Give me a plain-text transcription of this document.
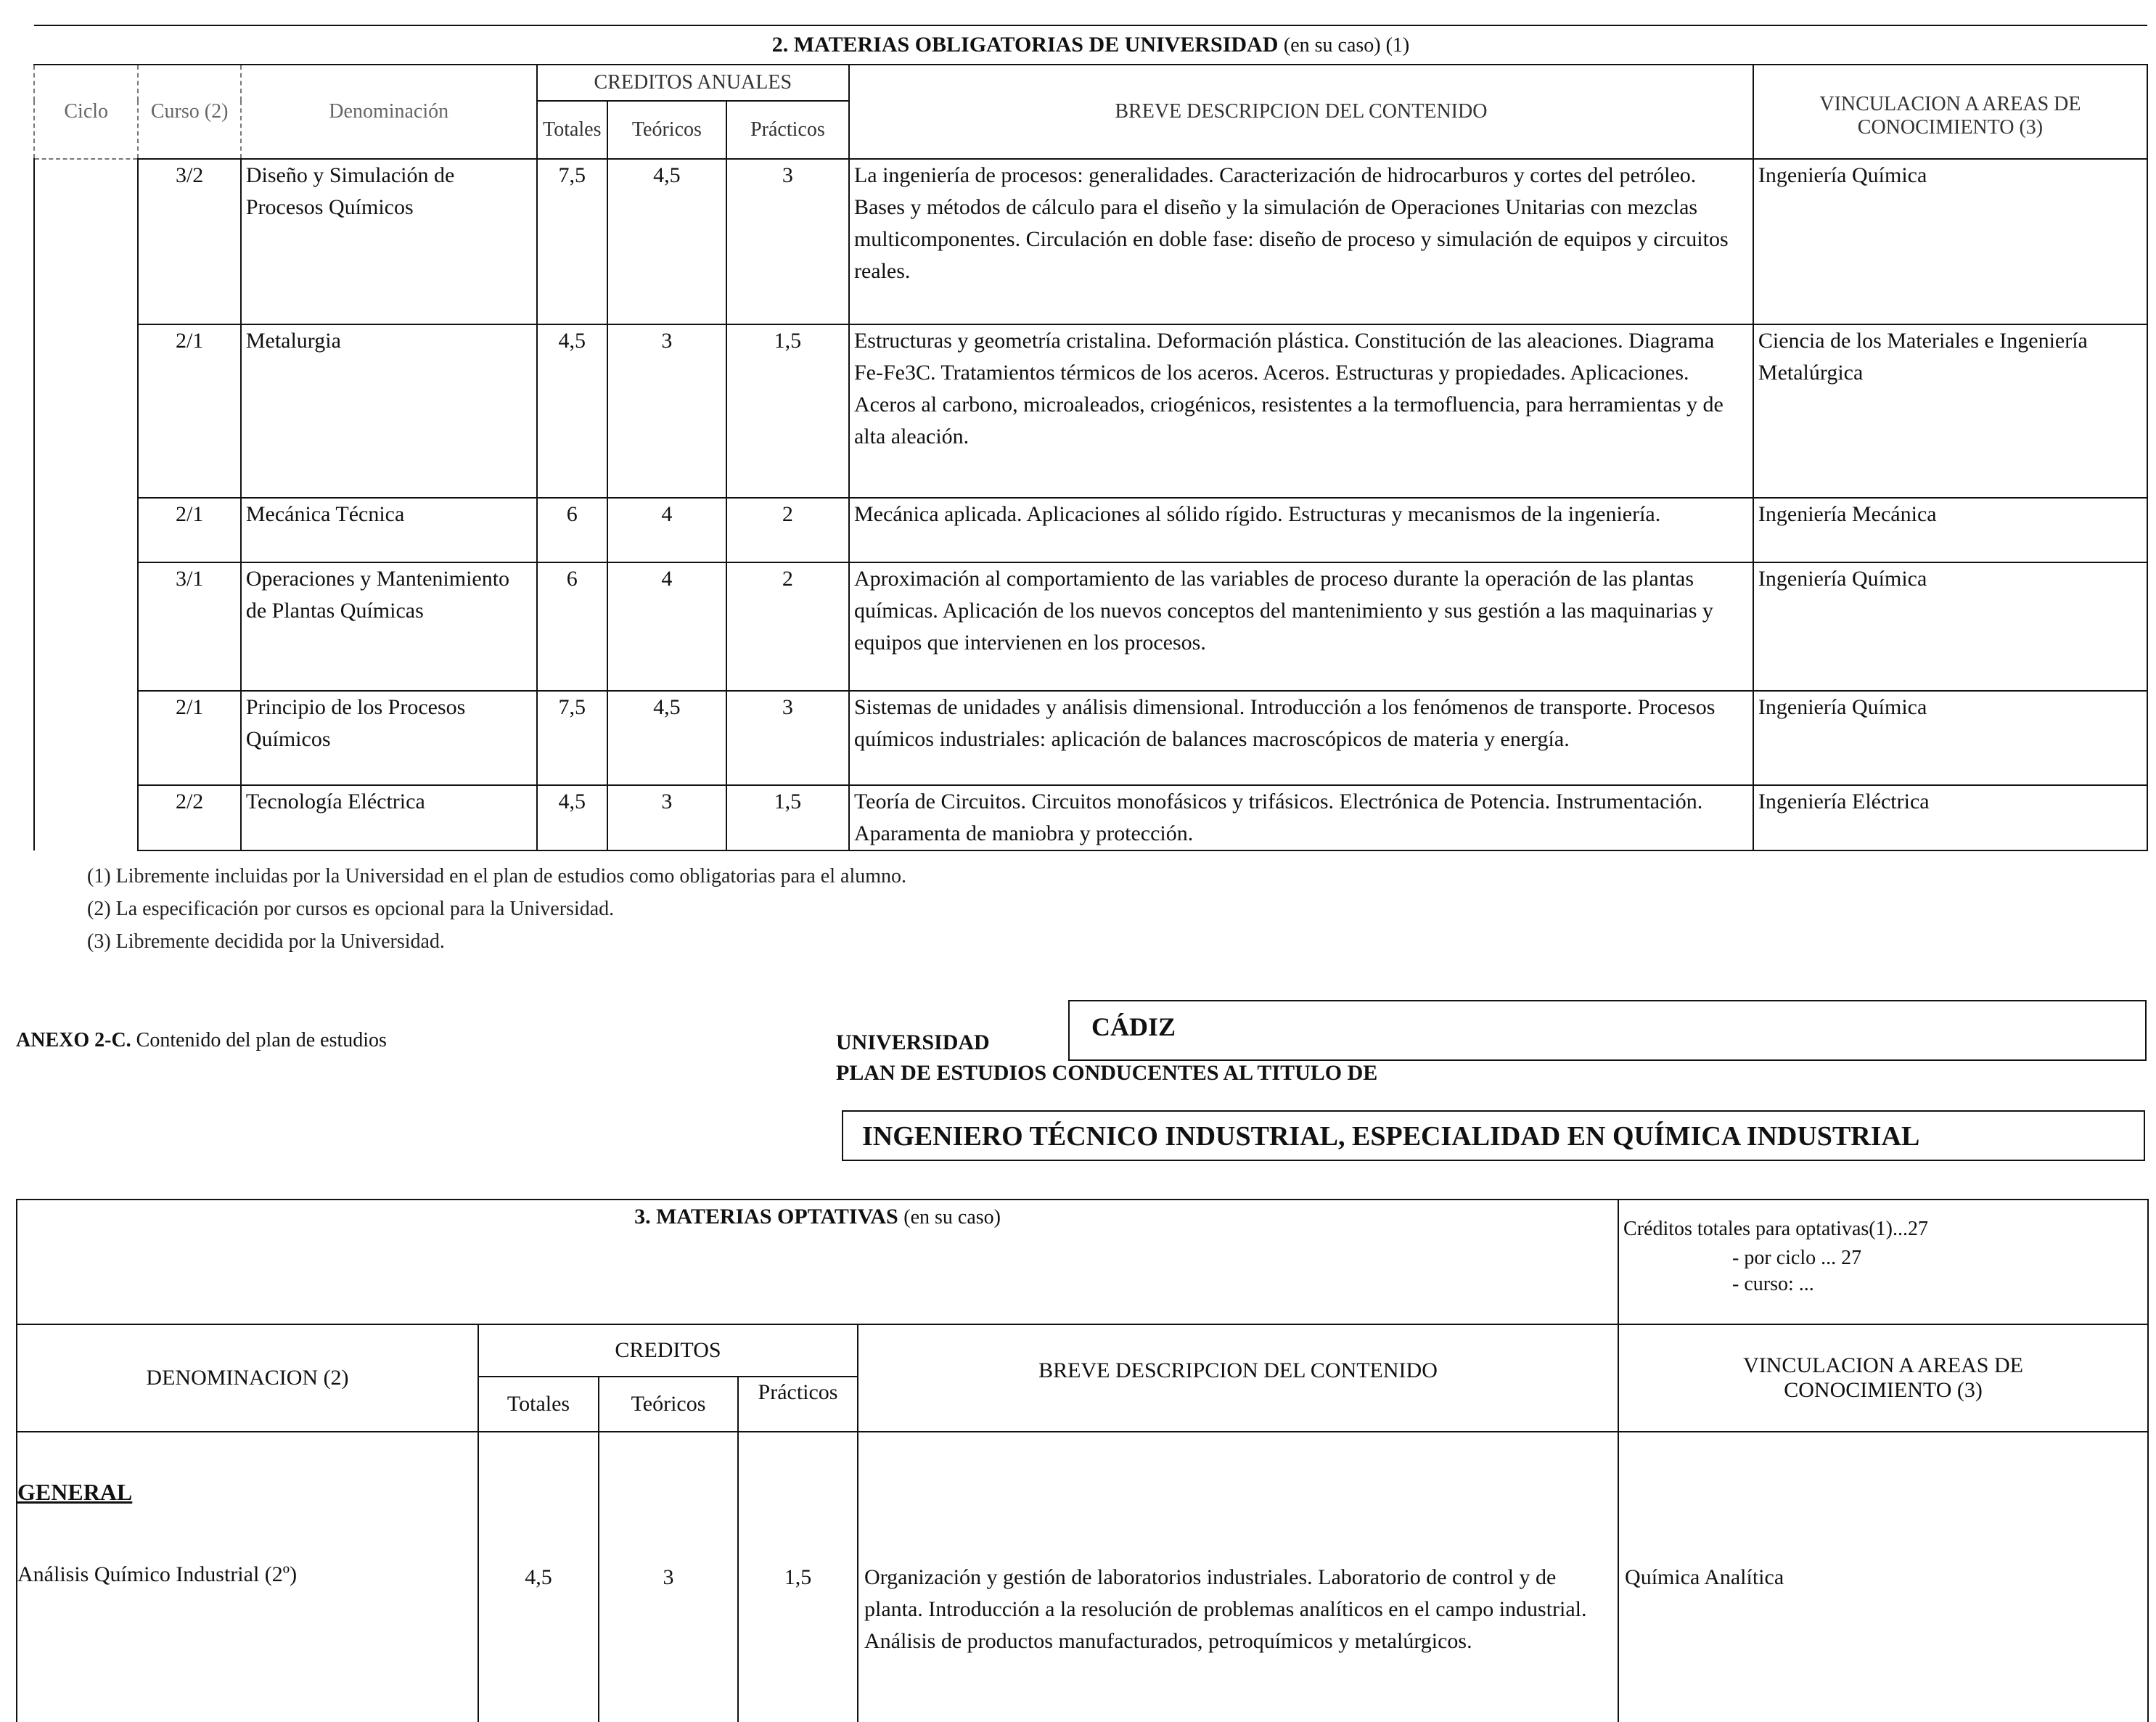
2. MATERIAS OBLIGATORIAS DE UNIVERSIDAD (en su caso) (1)							
Ciclo	Curso (2)	Denominación	CREDITOS ANUALES			BREVE DESCRIPCION DEL CONTENIDO	VINCULACION A AREAS DE CONOCIMIENTO (3)
			Totales	Teóricos	Prácticos		
	3/2	Diseño y Simulación de Procesos Químicos	7,5	4,5	3	La ingeniería de procesos: generalidades. Caracterización de hidrocarburos y cortes del petróleo. Bases y métodos de cálculo para el diseño y la simulación de Operaciones Unitarias con mezclas multicomponentes. Circulación en doble fase: diseño de proceso y simulación de equipos y circuitos reales.	Ingeniería Química
	2/1	Metalurgia	4,5	3	1,5	Estructuras y geometría cristalina. Deformación plástica. Constitución de las aleaciones. Diagrama Fe-Fe3C. Tratamientos térmicos de los aceros. Aceros. Estructuras y propiedades. Aplicaciones. Aceros al carbono, microaleados, criogénicos, resistentes a la termofluencia, para herramientas y de alta aleación.	Ciencia de los Materiales e Ingeniería Metalúrgica
	2/1	Mecánica Técnica	6	4	2	Mecánica aplicada. Aplicaciones al sólido rígido. Estructuras y mecanismos de la ingeniería.	Ingeniería Mecánica
	3/1	Operaciones y Mantenimiento de Plantas Químicas	6	4	2	Aproximación al comportamiento de las variables de proceso durante la operación de las plantas químicas. Aplicación de los nuevos conceptos del mantenimiento y sus gestión a las maquinarias y equipos que intervienen en los procesos.	Ingeniería Química
	2/1	Principio de los Procesos Químicos	7,5	4,5	3	Sistemas de unidades y análisis dimensional. Introducción a los fenómenos de transporte. Procesos químicos industriales: aplicación de balances macroscópicos de materia y energía.	Ingeniería Química
	2/2	Tecnología Eléctrica	4,5	3	1,5	Teoría de Circuitos. Circuitos monofásicos y trifásicos. Electrónica de Potencia. Instrumentación. Aparamenta de maniobra y protección.	Ingeniería Eléctrica
(1) Libremente incluidas por la Universidad en el plan de estudios como obligatorias para el alumno.
(2) La especificación por cursos es opcional para la Universidad.
(3) Libremente decidida por la Universidad.
ANEXO 2-C. Contenido del plan de estudios	UNIVERSIDAD
CÁDIZ
PLAN DE ESTUDIOS CONDUCENTES AL TITULO DE
INGENIERO TÉCNICO INDUSTRIAL, ESPECIALIDAD EN QUÍMICA INDUSTRIAL
3. MATERIAS OPTATIVAS (en su caso)					Créditos totales para optativas(1)...27

- por ciclo ... 27
- curso: ...

DENOMINACION (2)	CREDITOS			BREVE DESCRIPCION DEL CONTENIDO	VINCULACION A AREAS DE CONOCIMIENTO (3)
	Totales	Teóricos	Prácticos		

GENERAL
Análisis Químico Industrial (2º)	4,5	3	1,5	Organización y gestión de laboratorios industriales. Laboratorio de control y de planta. Introducción a la resolución de problemas analíticos en el campo industrial. Análisis de productos manufacturados, petroquímicos y metalúrgicos.	Química Analítica
